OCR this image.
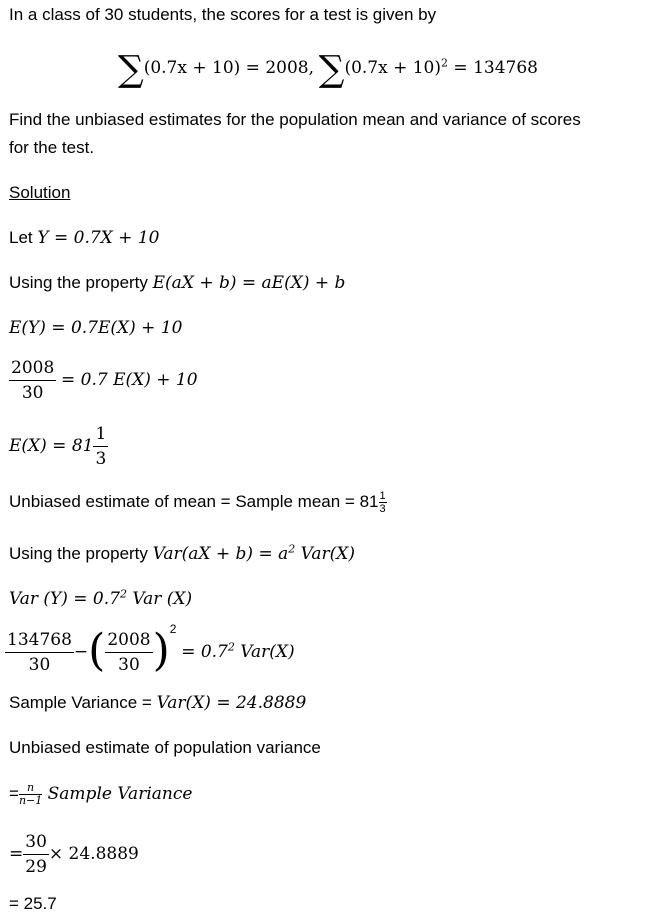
In a class of 30 students, the scores for a test is given by
∑(0.7x + 10) = 2008, $\sum(0.7x + 10)^2 = 134768$
Find the unbiased estimates for the population mean and variance of scores
for the test.
Solution
Let Y = 0.7X + 10
Using the property E(aX + b) = aE(X) + b
E(Y) = 0.7E(X) + 10
$\frac{2008}{30} = 0.7$ E(X) + 10
$E(X) = 81 \frac{1}{3}$
Unbiased estimate of mean = Sample mean = $81 \frac{1}{3}$
Using the property $Var(aX + b) = a^2$ Var(X)
Var $(Y) = 0.7^2$ Var (X)
$\frac{134768}{30}$ −( $\frac{2008}{30} )^2 = 0.7^2$ Var(X)
Sample Variance = Var(X) = 24.8889
Unbiased estimate of population variance
= $\frac{n}{n-1}$ Sample Variance
= $\frac{30}{29} \times 24.8889$
= 25.7
